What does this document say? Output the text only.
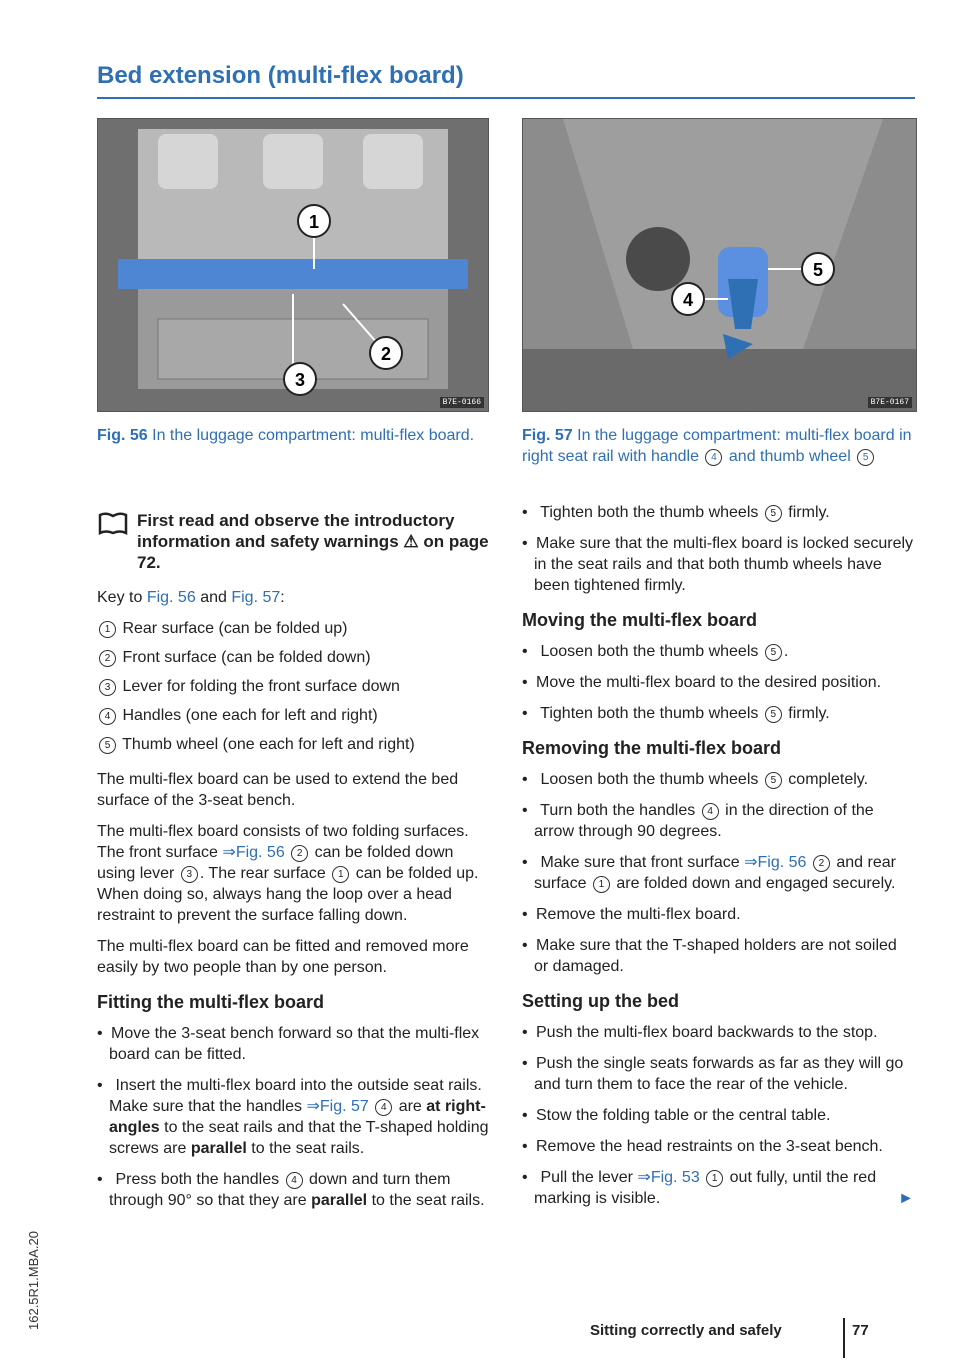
Bed extension (multi-flex board)
1
2
3
B7E-0166
Fig. 56 In the luggage compartment: multi-flex board.
5
4
B7E-0167
Fig. 57 In the luggage compartment: multi-flex board in right seat rail with handle 4 and thumb wheel 5
First read and observe the introductory information and safety warnings ⚠ on page 72.

Key to Fig. 56 and Fig. 57:

1 Rear surface (can be folded up)
2 Front surface (can be folded down)
3 Lever for folding the front surface down
4 Handles (one each for left and right)
5 Thumb wheel (one each for left and right)

The multi-flex board can be used to extend the bed surface of the 3-seat bench.

The multi-flex board consists of two folding surfaces. The front surface ⇒Fig. 56 2 can be folded down using lever 3 . The rear surface 1 can be folded up. When doing so, always hang the loop over a head restraint to prevent the surface falling down.

The multi-flex board can be fitted and removed more easily by two people than by one person.

Fitting the multi-flex board
• Move the 3-seat bench forward so that the multi-flex board can be fitted.
• Insert the multi-flex board into the outside seat rails. Make sure that the handles ⇒Fig. 57 4 are at right-angles to the seat rails and that the T-shaped holding screws are parallel to the seat rails.
• Press both the handles 4 down and turn them through 90° so that they are parallel to the seat rails.
• Tighten both the thumb wheels 5 firmly.
• Make sure that the multi-flex board is locked securely in the seat rails and that both thumb wheels have been tightened firmly.
Moving the multi-flex board
• Loosen both the thumb wheels 5 .
• Move the multi-flex board to the desired position.
• Tighten both the thumb wheels 5 firmly.
Removing the multi-flex board
• Loosen both the thumb wheels 5 completely.
• Turn both the handles 4 in the direction of the arrow through 90 degrees.
• Make sure that front surface ⇒Fig. 56 2 and rear surface 1 are folded down and engaged securely.
• Remove the multi-flex board.
• Make sure that the T-shaped holders are not soiled or damaged.
Setting up the bed
• Push the multi-flex board backwards to the stop.
• Push the single seats forwards as far as they will go and turn them to face the rear of the vehicle.
• Stow the folding table or the central table.
• Remove the head restraints on the 3-seat bench.
• Pull the lever ⇒Fig. 53 1 out fully, until the red marking is visible.	►
162.5R1.MBA.20
Sitting correctly and safely	77
